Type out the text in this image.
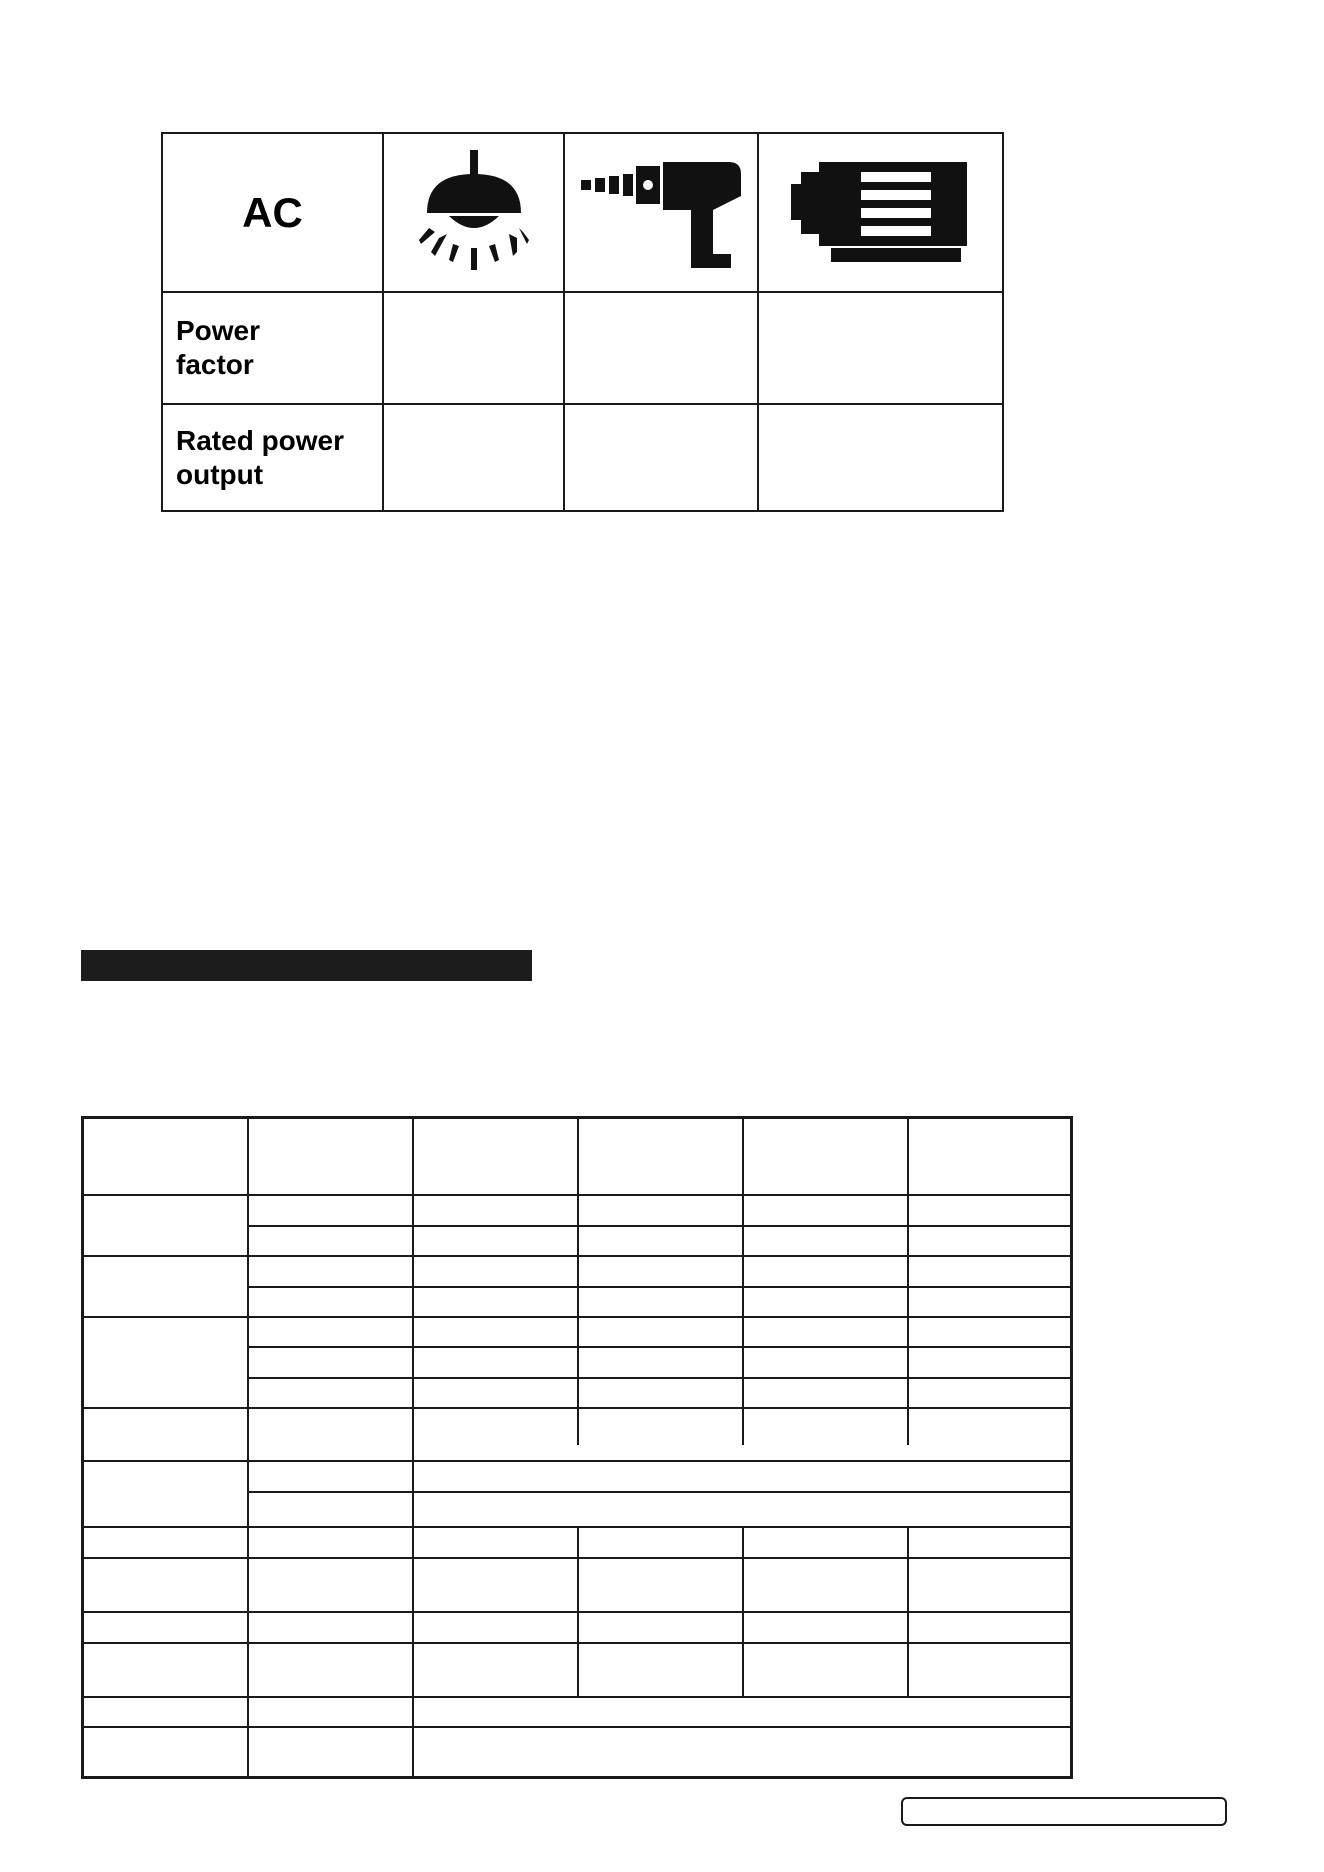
AC			

Power
factor			

Rated power
output			
